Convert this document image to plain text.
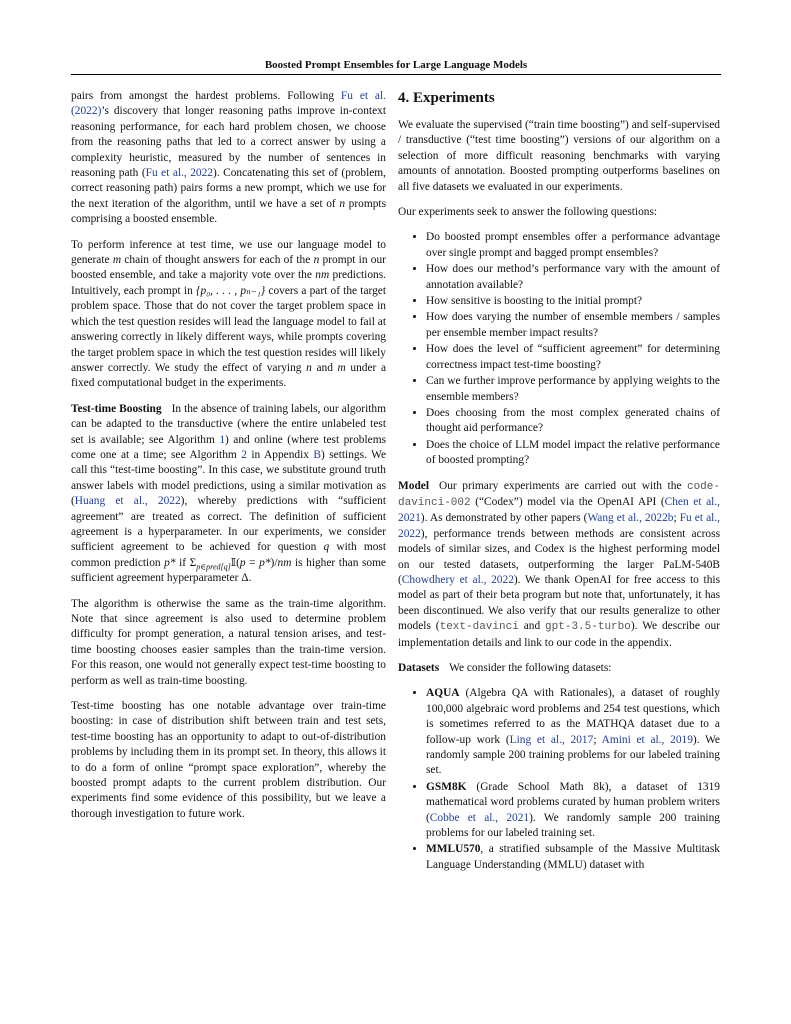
Boosted Prompt Ensembles for Large Language Models

pairs from amongst the hardest problems. Following Fu et al. (2022)’s discovery that longer reasoning paths improve in-context reasoning performance, for each hard problem chosen, we choose from the reasoning paths that led to a correct answer by using a complexity heuristic, measured by the number of sentences in reasoning path (Fu et al., 2022). Concatenating this set of (problem, correct reasoning path) pairs forms a new prompt, which we use for the next iteration of the algorithm, until we have a set of n prompts comprising a boosted ensemble.

To perform inference at test time, we use our language model to generate m chain of thought answers for each of the n prompt in our boosted ensemble, and take a majority vote over the nm predictions. Intuitively, each prompt in {p₀, . . . , pₙ₋₁} covers a part of the target problem space. Those that do not cover the target problem space in which the test question resides will lead the language model to fail at answering correctly in likely different ways, while prompts covering the target problem space in which the test question resides will likely answer correctly. We study the effect of varying n and m under a fixed computational budget in the experiments.

Test-time Boosting In the absence of training labels, our algorithm can be adapted to the transductive (where the entire unlabeled test set is available; see Algorithm 1) and online (where test problems come one at a time; see Algorithm 2 in Appendix B) settings. We call this “test-time boosting”. In this case, we substitute ground truth answer labels with model predictions, using a similar motivation as (Huang et al., 2022), whereby predictions with “sufficient agreement” are treated as correct. The definition of sufficient agreement is a hyperparameter. In our experiments, we consider sufficient agreement to be achieved for question q with most common prediction p* if $\Sigma_{p\in pred[q]}𝕀(p = p*)/nm$ is higher than some sufficient agreement hyperparameter Δ.

The algorithm is otherwise the same as the train-time algorithm. Note that since agreement is also used to determine problem difficulty for prompt generation, a natural tension arises, and test-time boosting chooses easier samples than the train-time version. For this reason, one would not generally expect test-time boosting to perform as well as train-time boosting.

Test-time boosting has one notable advantage over train-time boosting: in case of distribution shift between train and test sets, test-time boosting has an opportunity to adapt to out-of-distribution problems by including them in its prompt set. In theory, this allows it to do a form of online “prompt space exploration”, whereby the boosted prompt adapts to the current problem distribution. Our experiments find some evidence of this possibility, but we leave a thorough investigation to future work.

4. Experiments

We evaluate the supervised (“train time boosting”) and self-supervised / transductive (“test time boosting”) versions of our algorithm on a selection of more difficult reasoning benchmarks with varying amounts of annotation. Boosted prompting outperforms baselines on all five datasets we evaluated in our experiments.

Our experiments seek to answer the following questions:

• Do boosted prompt ensembles offer a performance advantage over single prompt and bagged prompt ensembles?
• How does our method’s performance vary with the amount of annotation available?
• How sensitive is boosting to the initial prompt?
• How does varying the number of ensemble members / samples per ensemble member impact results?
• How does the level of “sufficient agreement” for determining correctness impact test-time boosting?
• Can we further improve performance by applying weights to the ensemble members?
• Does choosing from the most complex generated chains of thought aid performance?
• Does the choice of LLM model impact the relative performance of boosted prompting?

Model Our primary experiments are carried out with the code-davinci-002 (“Codex”) model via the OpenAI API (Chen et al., 2021). As demonstrated by other papers (Wang et al., 2022b; Fu et al., 2022), performance trends between methods are consistent across models of similar sizes, and Codex is the highest performing model on our tested datasets, outperforming the larger PaLM-540B (Chowdhery et al., 2022). We thank OpenAI for free access to this model as part of their beta program but note that, unfortunately, it has been discontinued. We also verify that our results generalize to other models (text-davinci and gpt-3.5-turbo). We describe our implementation details and link to our code in the appendix.

Datasets We consider the following datasets:

• AQUA (Algebra QA with Rationales), a dataset of roughly 100,000 algebraic word problems and 254 test questions, which is sometimes referred to as the MATHQA dataset due to a follow-up work (Ling et al., 2017; Amini et al., 2019). We randomly sample 200 training problems for our labeled training set.
• GSM8K (Grade School Math 8k), a dataset of 1319 mathematical word problems curated by human problem writers (Cobbe et al., 2021). We randomly sample 200 training problems for our labeled training set.
• MMLU570, a stratified subsample of the Massive Multitask Language Understanding (MMLU) dataset with
